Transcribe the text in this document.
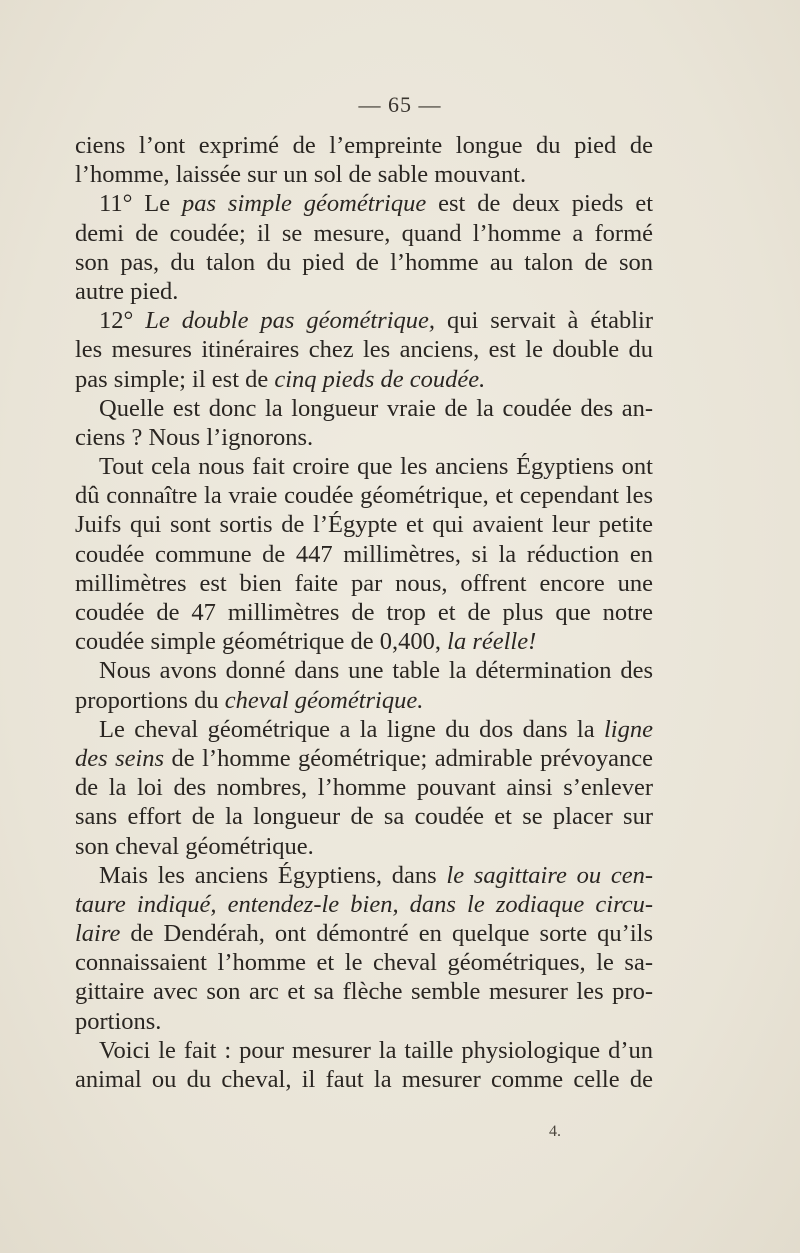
— 65 —
ciens l’ont exprimé de l’empreinte longue du pied de
l’homme, laissée sur un sol de sable mouvant.
11° Le pas simple géométrique est de deux pieds et
demi de coudée; il se mesure, quand l’homme a formé
son pas, du talon du pied de l’homme au talon de son
autre pied.
12° Le double pas géométrique, qui servait à établir
les mesures itinéraires chez les anciens, est le double du
pas simple; il est de cinq pieds de coudée.
Quelle est donc la longueur vraie de la coudée des an-
ciens ? Nous l’ignorons.
Tout cela nous fait croire que les anciens Égyptiens ont
dû connaître la vraie coudée géométrique, et cependant les
Juifs qui sont sortis de l’Égypte et qui avaient leur petite
coudée commune de 447 millimètres, si la réduction en
millimètres est bien faite par nous, offrent encore une
coudée de 47 millimètres de trop et de plus que notre
coudée simple géométrique de 0,400, la réelle!
Nous avons donné dans une table la détermination des
proportions du cheval géométrique.
Le cheval géométrique a la ligne du dos dans la ligne
des seins de l’homme géométrique; admirable prévoyance
de la loi des nombres, l’homme pouvant ainsi s’enlever
sans effort de la longueur de sa coudée et se placer sur
son cheval géométrique.
Mais les anciens Égyptiens, dans le sagittaire ou cen-
taure indiqué, entendez-le bien, dans le zodiaque circu-
laire de Dendérah, ont démontré en quelque sorte qu’ils
connaissaient l’homme et le cheval géométriques, le sa-
gittaire avec son arc et sa flèche semble mesurer les pro-
portions.
Voici le fait : pour mesurer la taille physiologique d’un
animal ou du cheval, il faut la mesurer comme celle de
4.
